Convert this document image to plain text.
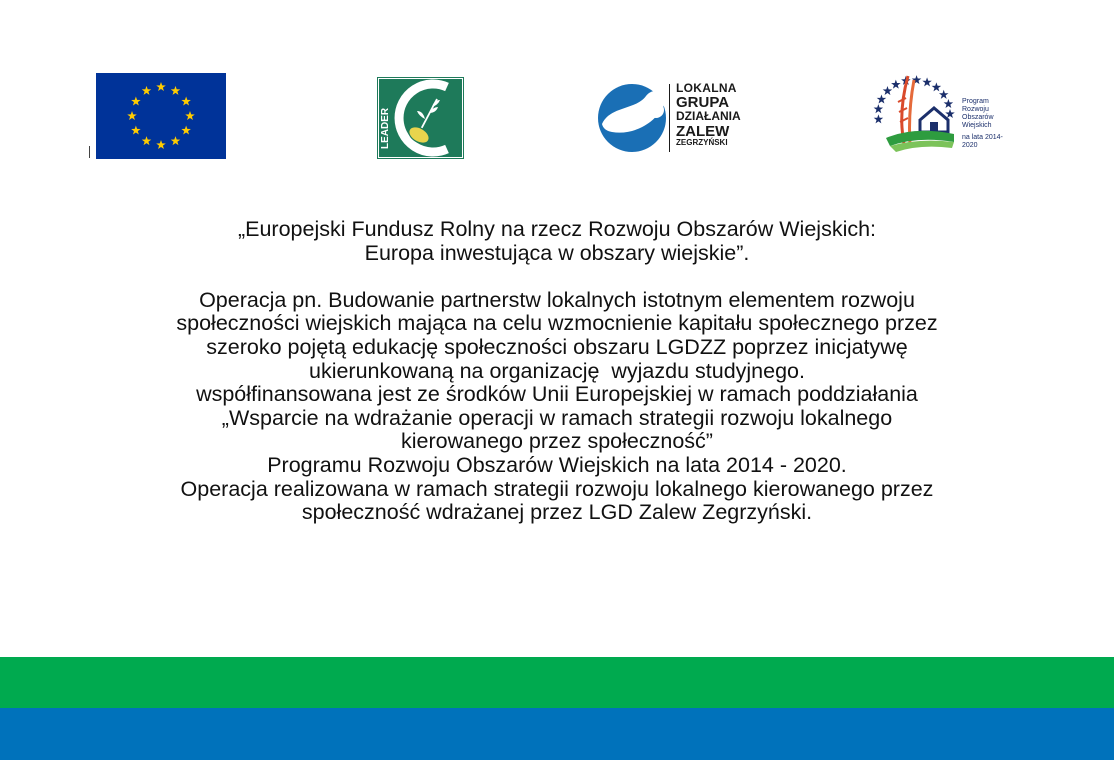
LEADER
LOKALNA
GRUPA
DZIAŁANIA
ZALEW
ZEGRZYŃSKI
Program
Rozwoju
Obszarów
Wiejskich
na lata 2014-2020
„Europejski Fundusz Rolny na rzecz Rozwoju Obszarów Wiejskich:
Europa inwestująca w obszary wiejskie”.
Operacja pn. Budowanie partnerstw lokalnych istotnym elementem rozwoju
społeczności wiejskich mająca na celu wzmocnienie kapitału społecznego przez
szeroko pojętą edukację społeczności obszaru LGDZZ poprzez inicjatywę
ukierunkowaną na organizację  wyjazdu studyjnego.
współfinansowana jest ze środków Unii Europejskiej w ramach poddziałania
„Wsparcie na wdrażanie operacji w ramach strategii rozwoju lokalnego
kierowanego przez społeczność”
Programu Rozwoju Obszarów Wiejskich na lata 2014 - 2020.
Operacja realizowana w ramach strategii rozwoju lokalnego kierowanego przez
społeczność wdrażanej przez LGD Zalew Zegrzyński.
